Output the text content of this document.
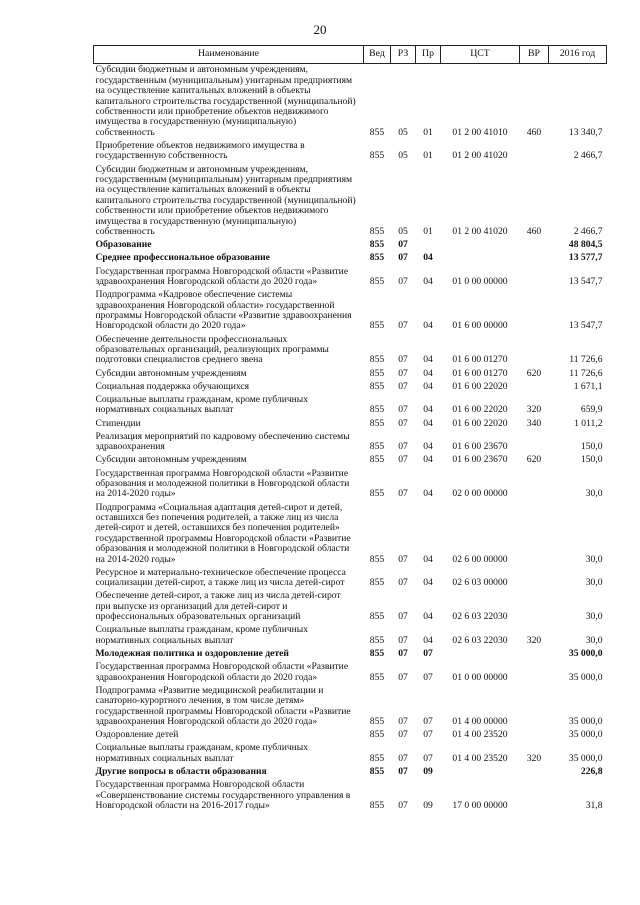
20
Наименование	Вед	РЗ	Пр	ЦСТ	ВР	2016 год
Субсидии бюджетным и автономным учреждениям, государственным (муниципальным) унитарным предприятиям на осуществление капитальных вложений в объекты капитального строительства государственной (муниципальной) собственности или приобретение объектов недвижимого имущества в государственную (муниципальную) собственность	855	05	01	01 2 00 41010	460	13 340,7
Приобретение объектов недвижимого имущества в государственную собственность	855	05	01	01 2 00 41020		2 466,7
Субсидии бюджетным и автономным учреждениям, государственным (муниципальным) унитарным предприятиям на осуществление капитальных вложений в объекты капитального строительства государственной (муниципальной) собственности или приобретение объектов недвижимого имущества в государственную (муниципальную) собственность	855	05	01	01 2 00 41020	460	2 466,7
Образование	855	07				48 804,5
Среднее профессиональное образование	855	07	04			13 577,7
Государственная программа Новгородской области «Развитие здравоохранения Новгородской области до 2020 года»	855	07	04	01 0 00 00000		13 547,7
Подпрограмма «Кадровое обеспечение системы здравоохранения Новгородской области» государственной программы Новгородской области «Развитие здравоохранения Новгородской области до 2020 года»	855	07	04	01 6 00 00000		13 547,7
Обеспечение деятельности профессиональных образовательных организаций, реализующих программы подготовки специалистов среднего звена	855	07	04	01 6 00 01270		11 726,6
Субсидии автономным учреждениям	855	07	04	01 6 00 01270	620	11 726,6
Социальная поддержка обучающихся	855	07	04	01 6 00 22020		1 671,1
Социальные выплаты гражданам, кроме публичных нормативных социальных выплат	855	07	04	01 6 00 22020	320	659,9
Стипендии	855	07	04	01 6 00 22020	340	1 011,2
Реализация мероприятий по кадровому обеспечению системы здравоохранения	855	07	04	01 6 00 23670		150,0
Субсидии автономным учреждениям	855	07	04	01 6 00 23670	620	150,0
Государственная программа Новгородской области «Развитие образования и молодежной политики в Новгородской области на 2014-2020 годы»	855	07	04	02 0 00 00000		30,0
Подпрограмма «Социальная адаптация детей-сирот и детей, оставшихся без попечения родителей, а также лиц из числа детей-сирот и детей, оставшихся без попечения родителей» государственной программы Новгородской области «Развитие образования и молодежной политики в Новгородской области на 2014-2020 годы»	855	07	04	02 6 00 00000		30,0
Ресурсное и материально-техническое обеспечение процесса социализации детей-сирот, а также лиц из числа детей-сирот	855	07	04	02 6 03 00000		30,0
Обеспечение детей-сирот, а также лиц из числа детей-сирот при выпуске из организаций для детей-сирот и профессиональных образовательных организаций	855	07	04	02 6 03 22030		30,0
Социальные выплаты гражданам, кроме публичных нормативных социальных выплат	855	07	04	02 6 03 22030	320	30,0
Молодежная политика и оздоровление детей	855	07	07			35 000,0
Государственная программа Новгородской области «Развитие здравоохранения Новгородской области до 2020 года»	855	07	07	01 0 00 00000		35 000,0
Подпрограмма «Развитие медицинской реабилитации и санаторно-курортного лечения, в том числе детям» государственной программы Новгородской области «Развитие здравоохранения Новгородской области до 2020 года»	855	07	07	01 4 00 00000		35 000,0
Оздоровление детей	855	07	07	01 4 00 23520		35 000,0
Социальные выплаты гражданам, кроме публичных нормативных социальных выплат	855	07	07	01 4 00 23520	320	35 000,0
Другие вопросы в области образования	855	07	09			226,8
Государственная программа Новгородской области «Совершенствование системы государственного управления в Новгородской области на 2016-2017 годы»	855	07	09	17 0 00 00000		31,8
